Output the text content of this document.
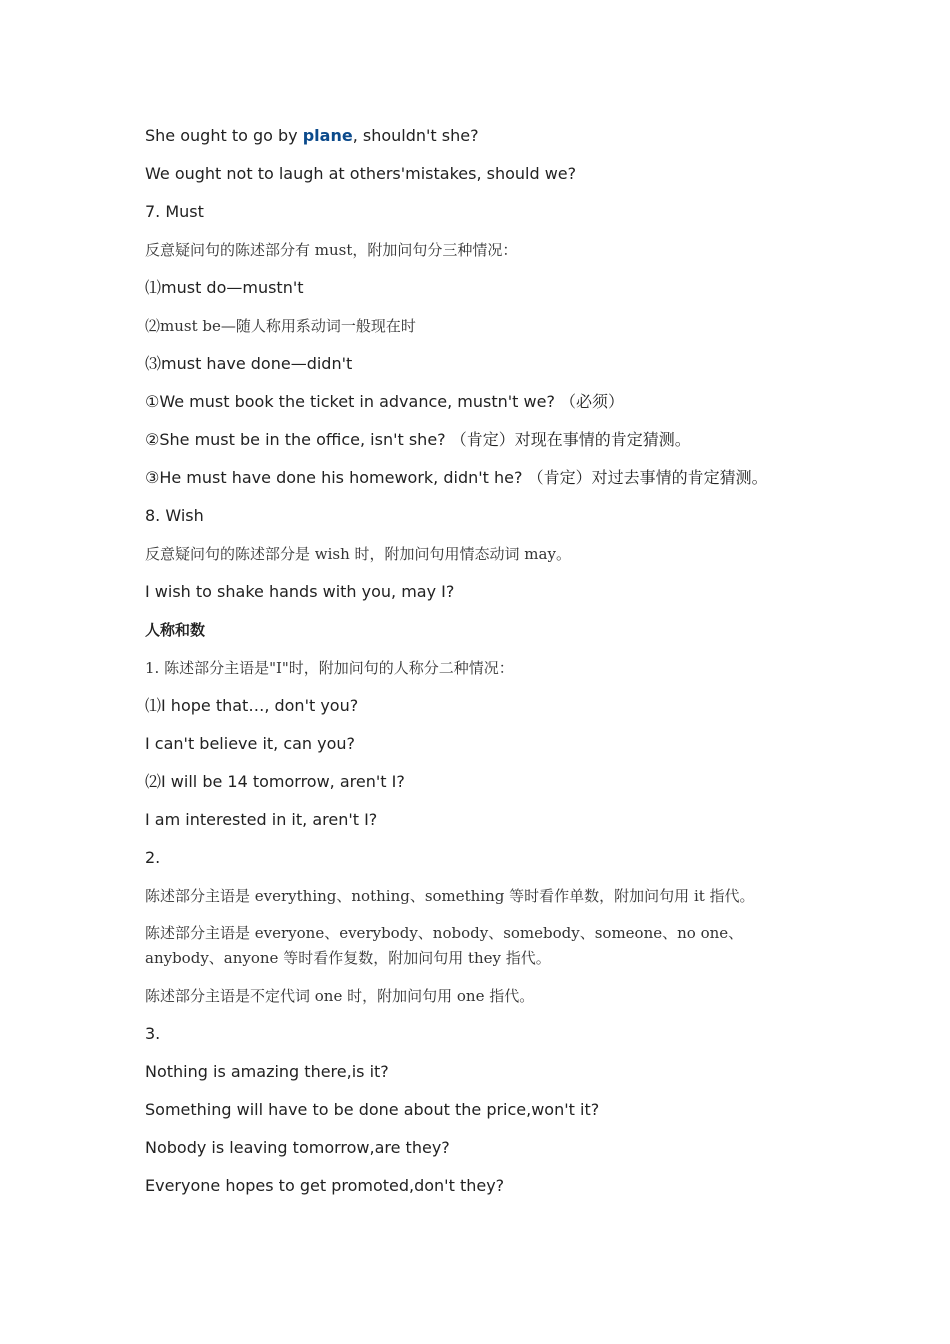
She ought to go by plane, shouldn't she?

We ought not to laugh at others'mistakes, should we?

7. Must

反意疑问句的陈述部分有 must，附加问句分三种情况：

⑴must do—mustn't

⑵must be—随人称用系动词一般现在时

⑶must have done—didn't

①We must book the ticket in advance, mustn't we? （必须）

②She must be in the office, isn't she? （肯定）对现在事情的肯定猜测。

③He must have done his homework, didn't he? （肯定）对过去事情的肯定猜测。

8. Wish

反意疑问句的陈述部分是 wish 时，附加问句用情态动词 may。

I wish to shake hands with you, may I?

人称和数

1. 陈述部分主语是"I"时，附加问句的人称分二种情况：

⑴I hope that…, don't you?

I can't believe it, can you?

⑵I will be 14 tomorrow, aren't I?

I am interested in it, aren't I?

2.

陈述部分主语是 everything、nothing、something 等时看作单数，附加问句用 it 指代。

陈述部分主语是 everyone、everybody、nobody、somebody、someone、no one、anybody、anyone 等时看作复数，附加问句用 they 指代。

陈述部分主语是不定代词 one 时，附加问句用 one 指代。

3.

Nothing is amazing there,is it?

Something will have to be done about the price,won't it?

Nobody is leaving tomorrow,are they?

Everyone hopes to get promoted,don't they?
